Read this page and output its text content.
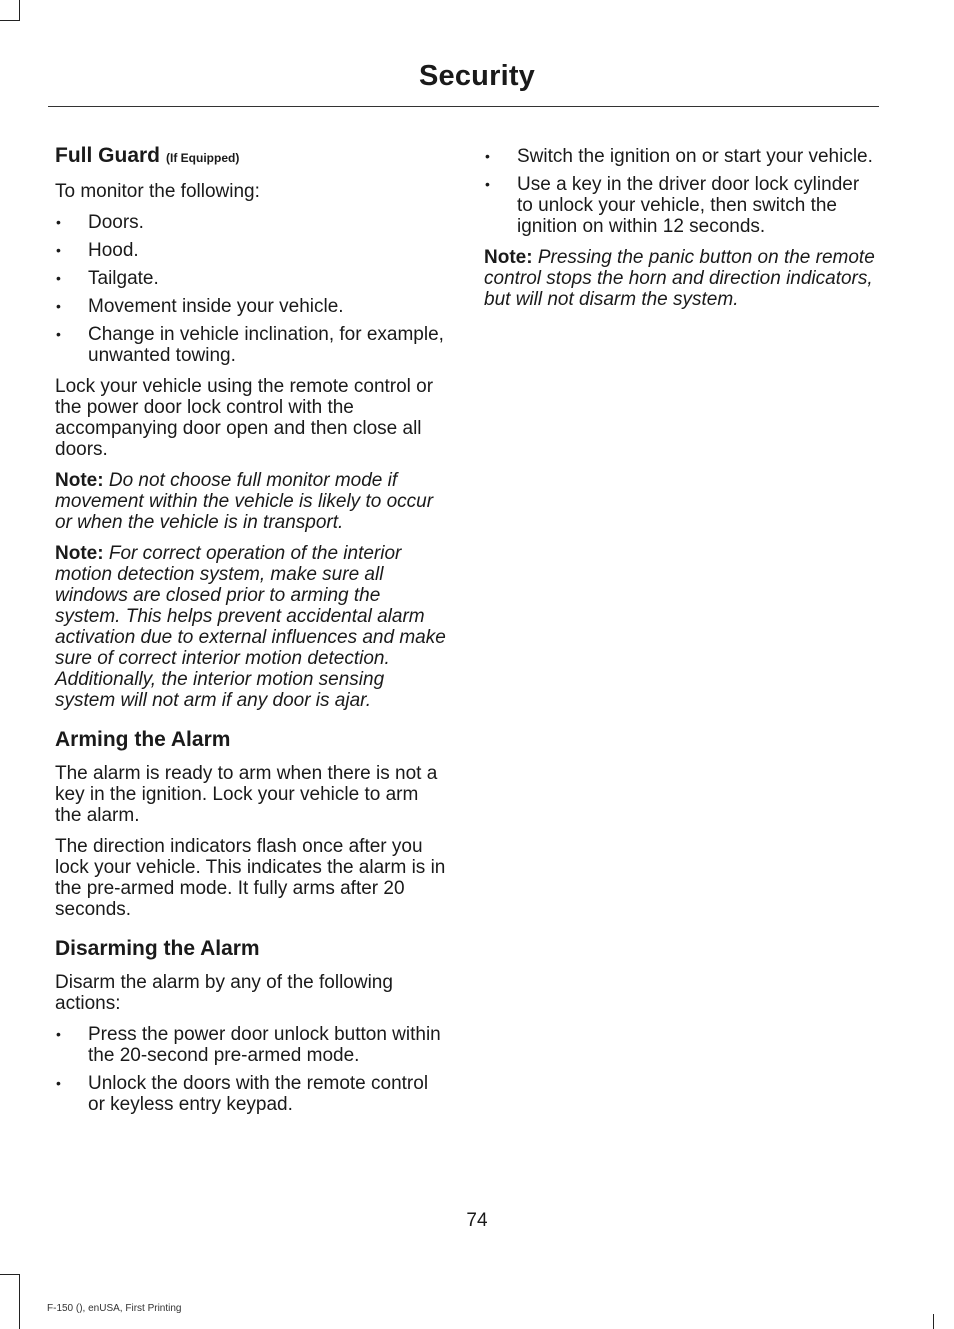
Security
Full Guard (If Equipped)

To monitor the following:

• Doors.
• Hood.
• Tailgate.
• Movement inside your vehicle.
• Change in vehicle inclination, for example, unwanted towing.

Lock your vehicle using the remote control or the power door lock control with the accompanying door open and then close all doors.

Note: Do not choose full monitor mode if movement within the vehicle is likely to occur or when the vehicle is in transport.

Note: For correct operation of the interior motion detection system, make sure all windows are closed prior to arming the system. This helps prevent accidental alarm activation due to external influences and make sure of correct interior motion detection. Additionally, the interior motion sensing system will not arm if any door is ajar.

Arming the Alarm

The alarm is ready to arm when there is not a key in the ignition. Lock your vehicle to arm the alarm.

The direction indicators flash once after you lock your vehicle. This indicates the alarm is in the pre-armed mode. It fully arms after 20 seconds.

Disarming the Alarm

Disarm the alarm by any of the following actions:

• Press the power door unlock button within the 20-second pre-armed mode.
• Unlock the doors with the remote control or keyless entry keypad.
• Switch the ignition on or start your vehicle.
• Use a key in the driver door lock cylinder to unlock your vehicle, then switch the ignition on within 12 seconds.

Note: Pressing the panic button on the remote control stops the horn and direction indicators, but will not disarm the system.

74
F-150 (), enUSA, First Printing
